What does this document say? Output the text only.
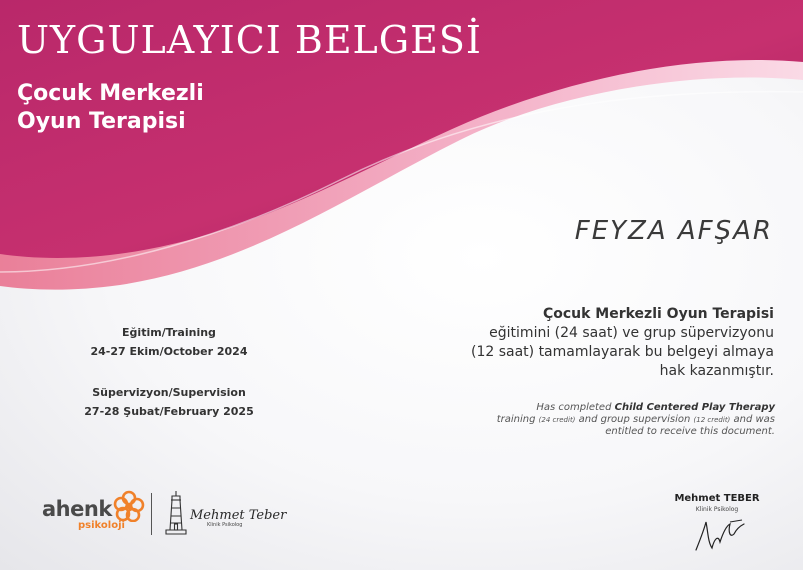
UYGULAYICI BELGESİ
Çocuk Merkezli
Oyun Terapisi
FEYZA AFŞAR
Eğitim/Training
24-27 Ekim/October 2024
Süpervizyon/Supervision
27-28 Şubat/February 2025
Çocuk Merkezli Oyun Terapisi
eğitimini (24 saat) ve grup süpervizyonu
(12 saat) tamamlayarak bu belgeyi almaya
hak kazanmıştır.
Has completed Child Centered Play Therapy
training (24 credit) and group supervision (12 credit) and was
entitled to receive this document.
ahenk
psikoloji
Mehmet Teber
Klinik Psikolog
Mehmet TEBER
Klinik Psikolog
